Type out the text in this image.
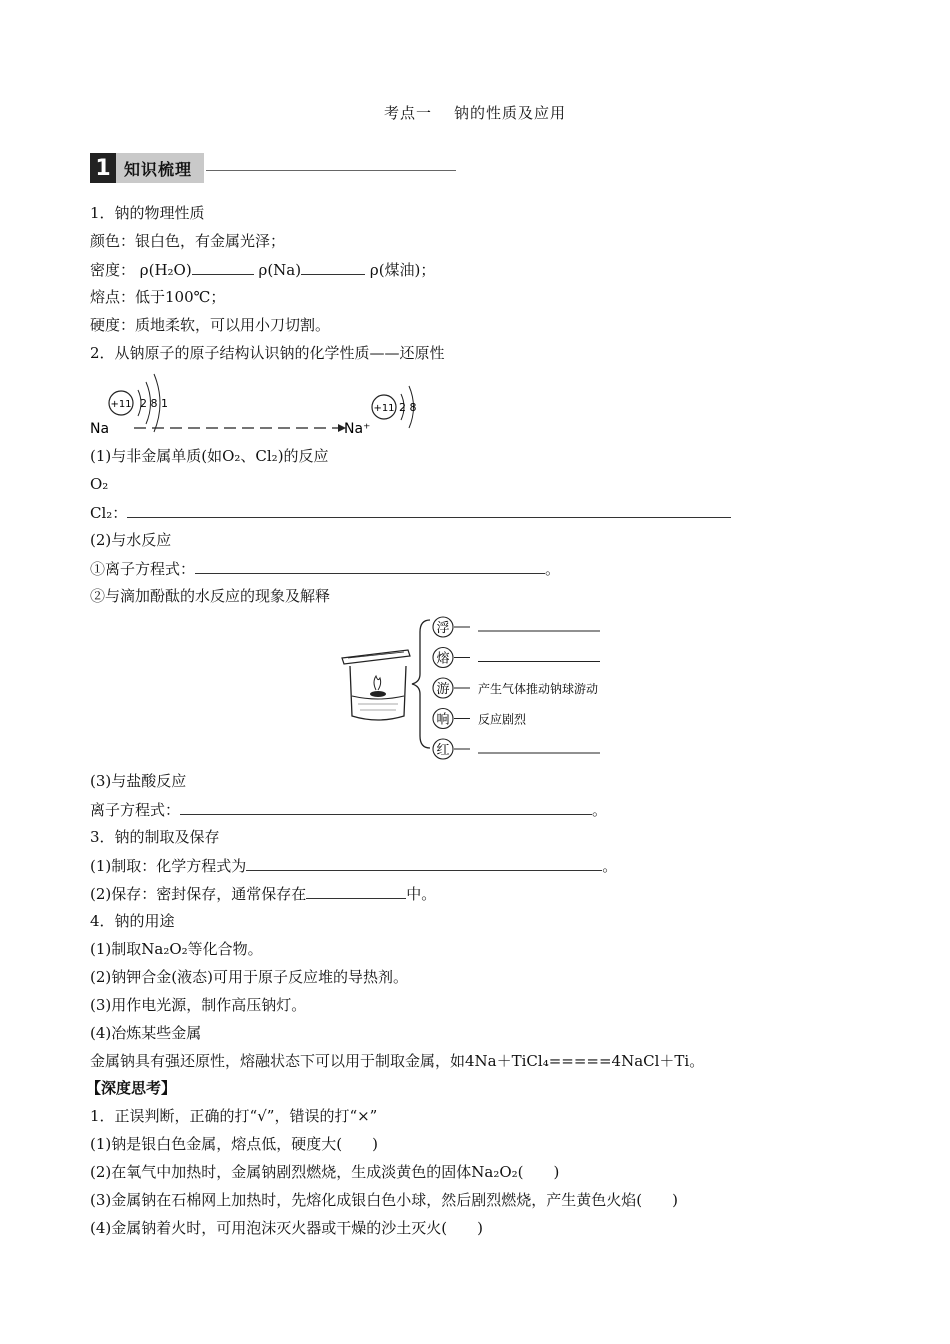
考点一 钠的性质及应用
1 知识梳理
1．钠的物理性质
颜色：银白色，有金属光泽；
密度： ρ(H₂O)	ρ(Na)	ρ(煤油)；
熔点：低于100℃；
硬度：质地柔软，可以用小刀切割。
2．从钠原子的原子结构认识钠的化学性质——还原性
+11 2 8 1
Na	Na⁺
+11 2 8
(1)与非金属单质(如O₂、Cl₂)的反应
O₂
Cl₂：
(2)与水反应
①离子方程式：	。
②与滴加酚酞的水反应的现象及解释
浮
熔
游 产生气体推动钠球游动
响 反应剧烈
红
(3)与盐酸反应
离子方程式：	。
3．钠的制取及保存
(1)制取：化学方程式为	。
(2)保存：密封保存，通常保存在	中。
4．钠的用途
(1)制取Na₂O₂等化合物。
(2)钠钾合金(液态)可用于原子反应堆的导热剂。
(3)用作电光源，制作高压钠灯。
(4)冶炼某些金属
金属钠具有强还原性，熔融状态下可以用于制取金属，如4Na＋TiCl₄=====4NaCl＋Ti。
【深度思考】
1．正误判断，正确的打“√”，错误的打“×”
(1)钠是银白色金属，熔点低，硬度大(　　)
(2)在氧气中加热时，金属钠剧烈燃烧，生成淡黄色的固体Na₂O₂(　　)
(3)金属钠在石棉网上加热时，先熔化成银白色小球，然后剧烈燃烧，产生黄色火焰(　　)
(4)金属钠着火时，可用泡沫灭火器或干燥的沙土灭火(　　)
